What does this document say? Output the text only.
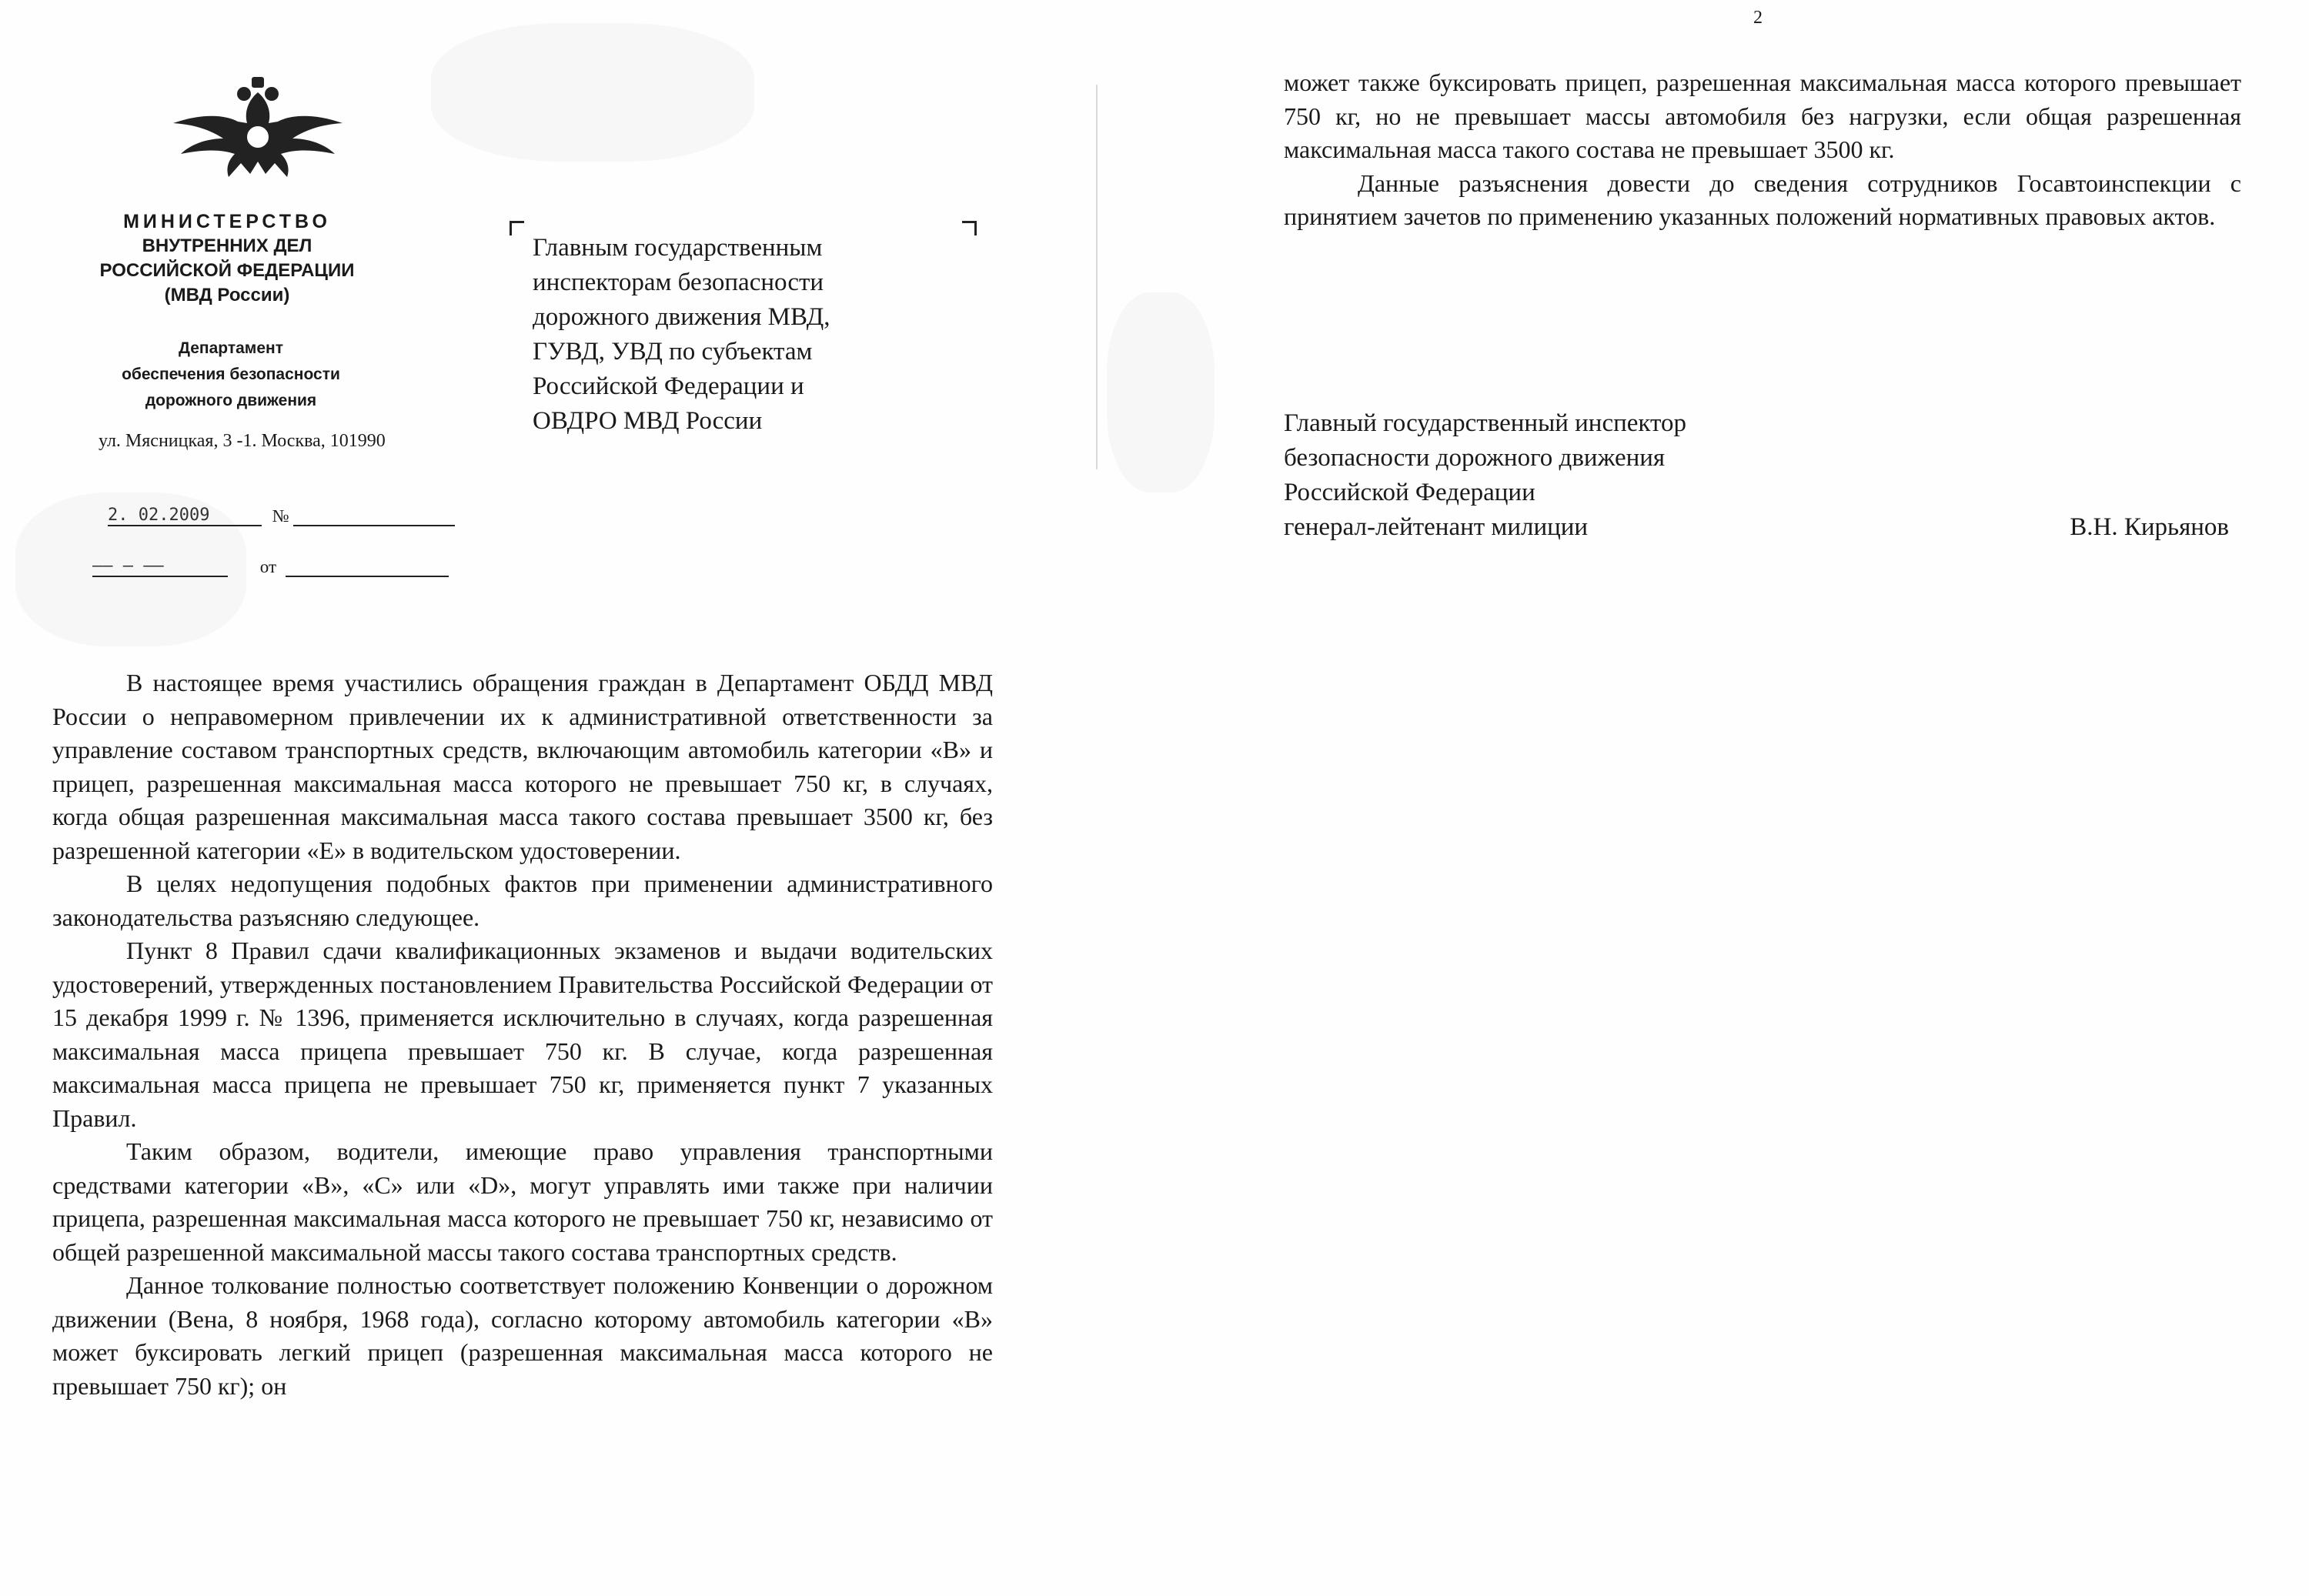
МИНИСТЕРСТВО
ВНУТРЕННИХ ДЕЛ
РОССИЙСКОЙ ФЕДЕРАЦИИ
(МВД России)
Департамент
обеспечения безопасности
дорожного движения
ул. Мясницкая, 3 -1. Москва, 101990
2. 02.2009	№
–– – ––	от
Главным государственным
инспекторам безопасности
дорожного движения МВД,
ГУВД, УВД по субъектам
Российской Федерации и
ОВДРО МВД России

В настоящее время участились обращения граждан в Департамент ОБДД МВД России о неправомерном привлечении их к административной ответственности за управление составом транспортных средств, включающим автомобиль категории «В» и прицеп, разрешенная максимальная масса которого не превышает 750 кг, в случаях, когда общая разрешенная максимальная масса такого состава превышает 3500 кг, без разрешенной категории «Е» в водительском удостоверении.

В целях недопущения подобных фактов при применении административного законодательства разъясняю следующее.

Пункт 8 Правил сдачи квалификационных экзаменов и выдачи водительских удостоверений, утвержденных постановлением Правительства Российской Федерации от 15 декабря 1999 г. № 1396, применяется исключительно в случаях, когда разрешенная максимальная масса прицепа превышает 750 кг. В случае, когда разрешенная максимальная масса прицепа не превышает 750 кг, применяется пункт 7 указанных Правил.

Таким образом, водители, имеющие право управления транспортными средствами категории «В», «С» или «D», могут управлять ими также при наличии прицепа, разрешенная максимальная масса которого не превышает 750 кг, независимо от общей разрешенной максимальной массы такого состава транспортных средств.

Данное толкование полностью соответствует положению Конвенции о дорожном движении (Вена, 8 ноября, 1968 года), согласно которому автомобиль категории «В» может буксировать легкий прицеп (разрешенная максимальная масса которого не превышает 750 кг); он

2

может также буксировать прицеп, разрешенная максимальная масса которого превышает 750 кг, но не превышает массы автомобиля без нагрузки, если общая разрешенная максимальная масса такого состава не превышает 3500 кг.

Данные разъяснения довести до сведения сотрудников Госавтоинспекции с принятием зачетов по применению указанных положений нормативных правовых актов.

Главный государственный инспектор
безопасности дорожного движения
Российской Федерации
генерал-лейтенант милиции	В.Н. Кирьянов
